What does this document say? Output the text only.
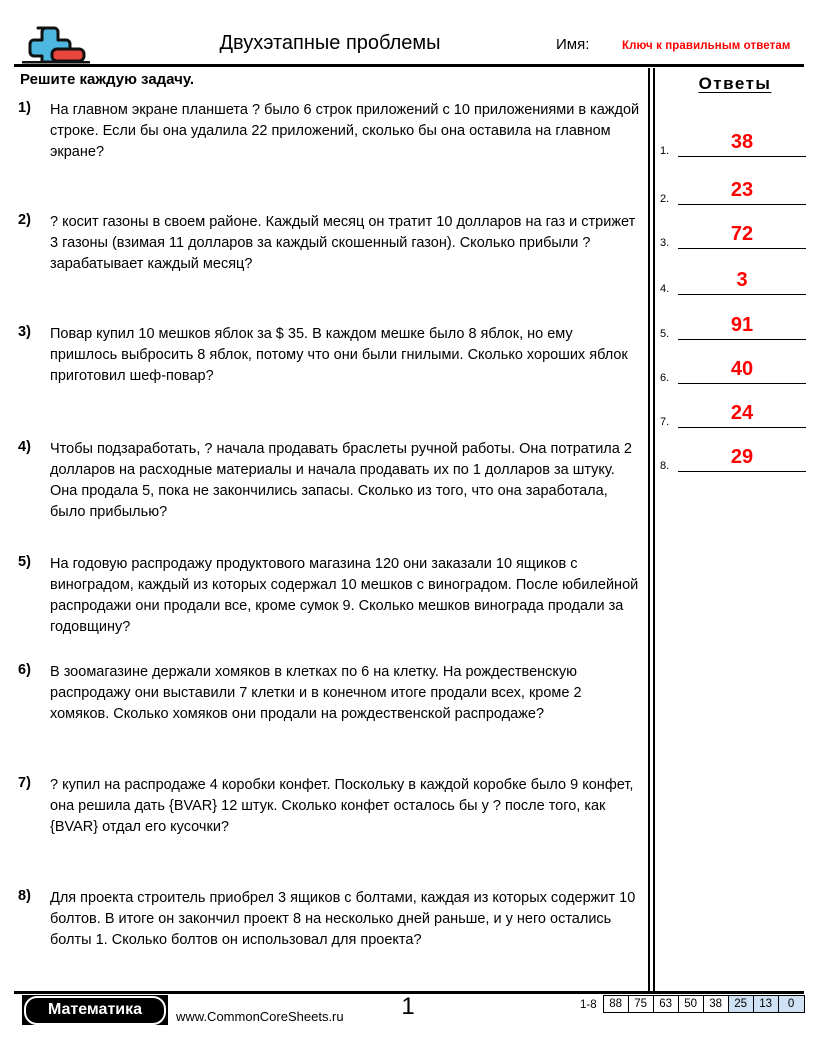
Двухэтапные проблемы	Имя:	Ключ к правильным ответам
Решите каждую задачу.
1)	На главном экране планшета ? было 6 строк приложений с 10 приложениями в каждой строке. Если бы она удалила 22 приложений, сколько бы она оставила на главном экране?
2)	? косит газоны в своем районе. Каждый месяц он тратит 10 долларов на газ и стрижет 3 газоны (взимая 11 долларов за каждый скошенный газон). Сколько прибыли ? зарабатывает каждый месяц?
3)	Повар купил 10 мешков яблок за $ 35. В каждом мешке было 8 яблок, но ему пришлось выбросить 8 яблок, потому что они были гнилыми. Сколько хороших яблок приготовил шеф-повар?
4)	Чтобы подзаработать, ? начала продавать браслеты ручной работы. Она потратила 2 долларов на расходные материалы и начала продавать их по 1 долларов за штуку. Она продала 5, пока не закончились запасы. Сколько из того, что она заработала, было прибылью?
5)	На годовую распродажу продуктового магазина 120 они заказали 10 ящиков с виноградом, каждый из которых содержал 10 мешков с виноградом. После юбилейной распродажи они продали все, кроме сумок 9. Сколько мешков винограда продали за годовщину?
6)	В зоомагазине держали хомяков в клетках по 6 на клетку. На рождественскую распродажу они выставили 7 клетки и в конечном итоге продали всех, кроме 2 хомяков. Сколько хомяков они продали на рождественской распродаже?
7)	? купил на распродаже 4 коробки конфет. Поскольку в каждой коробке было 9 конфет, она решила дать {BVAR} 12 штук. Сколько конфет осталось бы у ? после того, как {BVAR} отдал его кусочки?
8)	Для проекта строитель приобрел 3 ящиков с болтами, каждая из которых содержит 10 болтов. В итоге он закончил проект 8 на несколько дней раньше, и у него остались болты 1. Сколько болтов он использовал для проекта?
Ответы
1.	38
2.	23
3.	72
4.	3
5.	91
6.	40
7.	24
8.	29
Математика	www.CommonCoreSheets.ru	1	1-8	88	75	63	50	38	25	13	0
